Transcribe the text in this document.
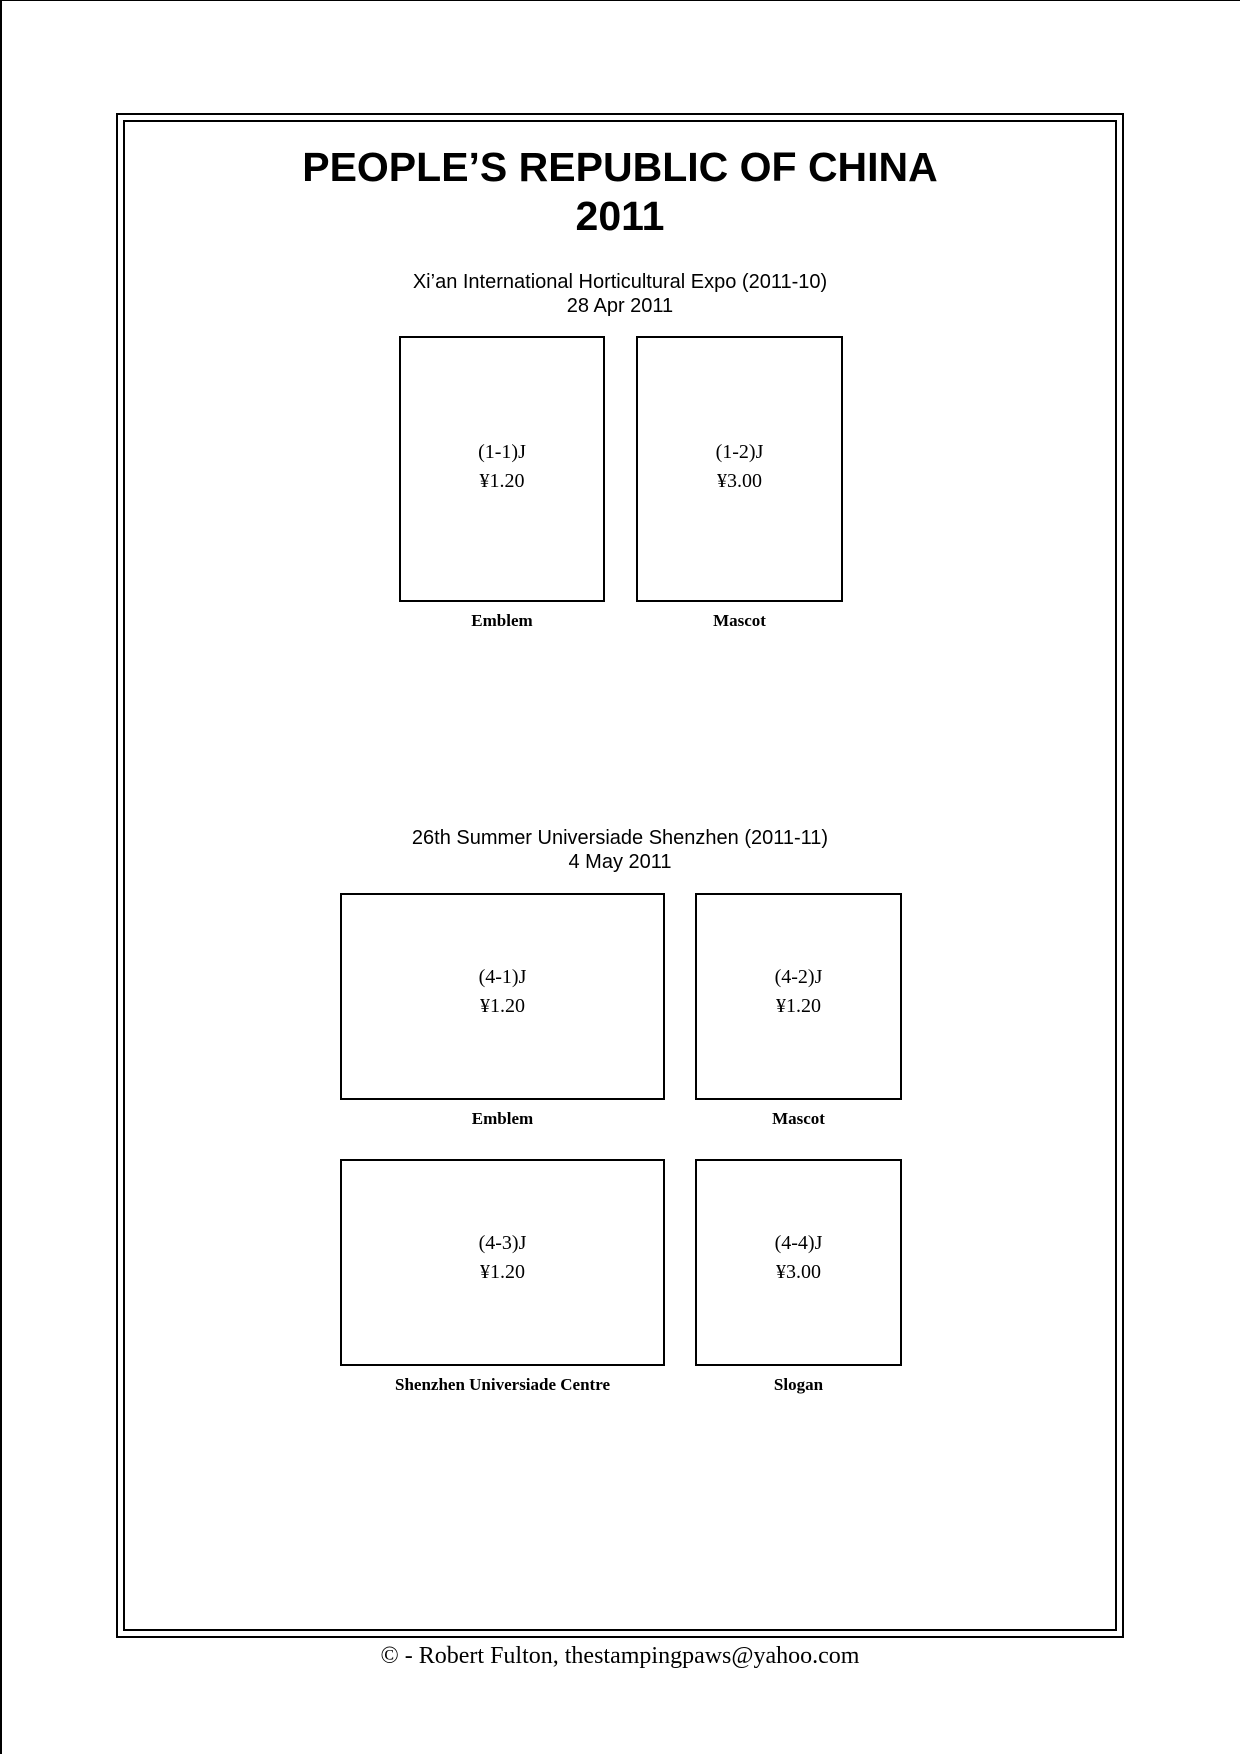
PEOPLE’S REPUBLIC OF CHINA
2011
Xi’an International Horticultural Expo (2011-10)
28 Apr 2011
(1-1)J
¥1.20
Emblem
(1-2)J
¥3.00
Mascot
26th Summer Universiade Shenzhen (2011-11)
4 May 2011
(4-1)J
¥1.20
Emblem
(4-2)J
¥1.20
Mascot
(4-3)J
¥1.20
Shenzhen Universiade Centre
(4-4)J
¥3.00
Slogan
© - Robert Fulton, thestampingpaws@yahoo.com
